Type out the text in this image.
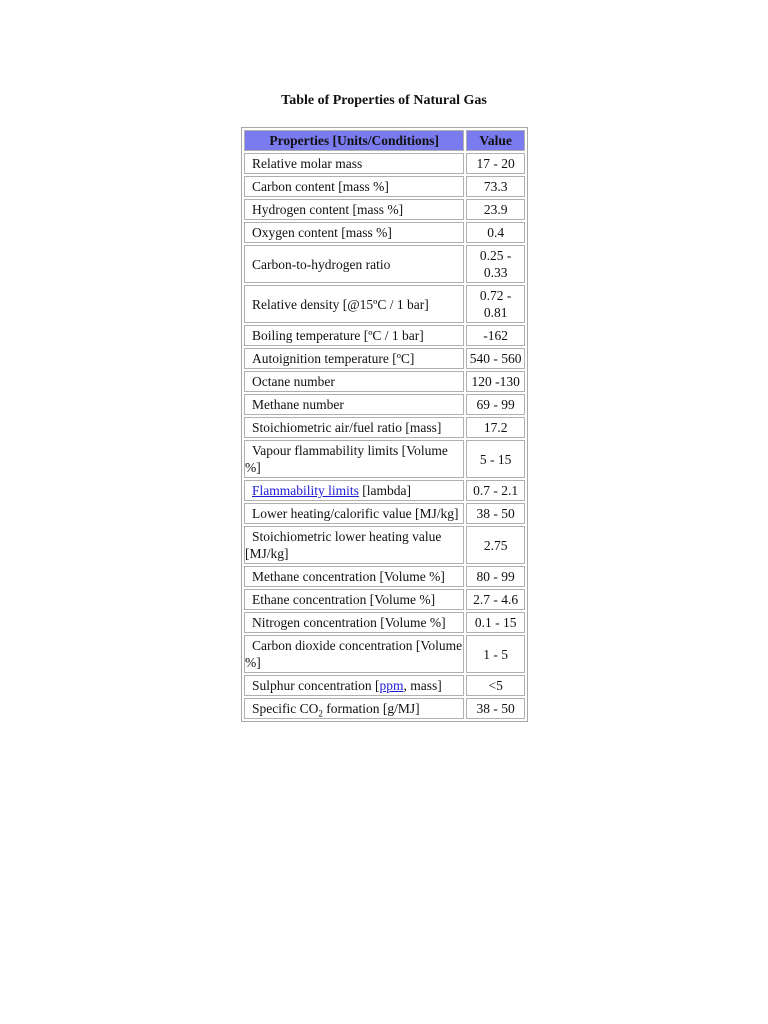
Table of Properties of Natural Gas
Properties [Units/Conditions]	Value
Relative molar mass	17 - 20
Carbon content [mass %]	73.3
Hydrogen content [mass %]	23.9
Oxygen content [mass %]	0.4
Carbon-to-hydrogen ratio	0.25 - 0.33
Relative density [@15ºC / 1 bar]	0.72 - 0.81
Boiling temperature [ºC / 1 bar]	-162
Autoignition temperature [ºC]	540 - 560
Octane number	120 -130
Methane number	69 - 99
Stoichiometric air/fuel ratio [mass]	17.2
Vapour flammability limits [Volume %]	5 - 15
Flammability limits [lambda]	0.7 - 2.1
Lower heating/calorific value [MJ/kg]	38 - 50
Stoichiometric lower heating value [MJ/kg]	2.75
Methane concentration [Volume %]	80 - 99
Ethane concentration [Volume %]	2.7 - 4.6
Nitrogen concentration [Volume %]	0.1 - 15
Carbon dioxide concentration [Volume %]	1 - 5
Sulphur concentration [ppm, mass]	<5
Specific $CO_2$ formation [g/MJ]	38 - 50
